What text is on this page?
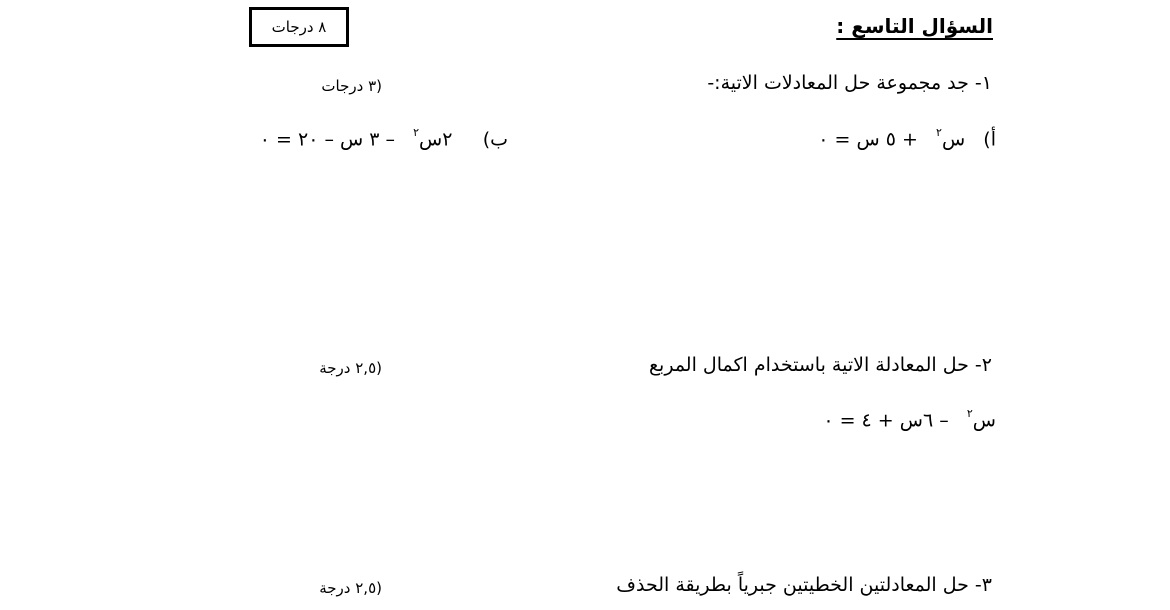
السؤال التاسع :
٨ درجات
١- جد مجموعة حل المعادلات الاتية:-
(٣ درجات
أ)   س$^٢$   + ٥ س = ٠
ب)     ٢س$^٢$   – ٣ س – ٢٠ = ٠
٢- حل المعادلة الاتية باستخدام اكمال المربع
(٢,٥ درجة
س$^٢$   – ٦س + ٤ = ٠
٣- حل المعادلتين الخطيتين جبرياً بطريقة الحذف
(٢,٥ درجة
